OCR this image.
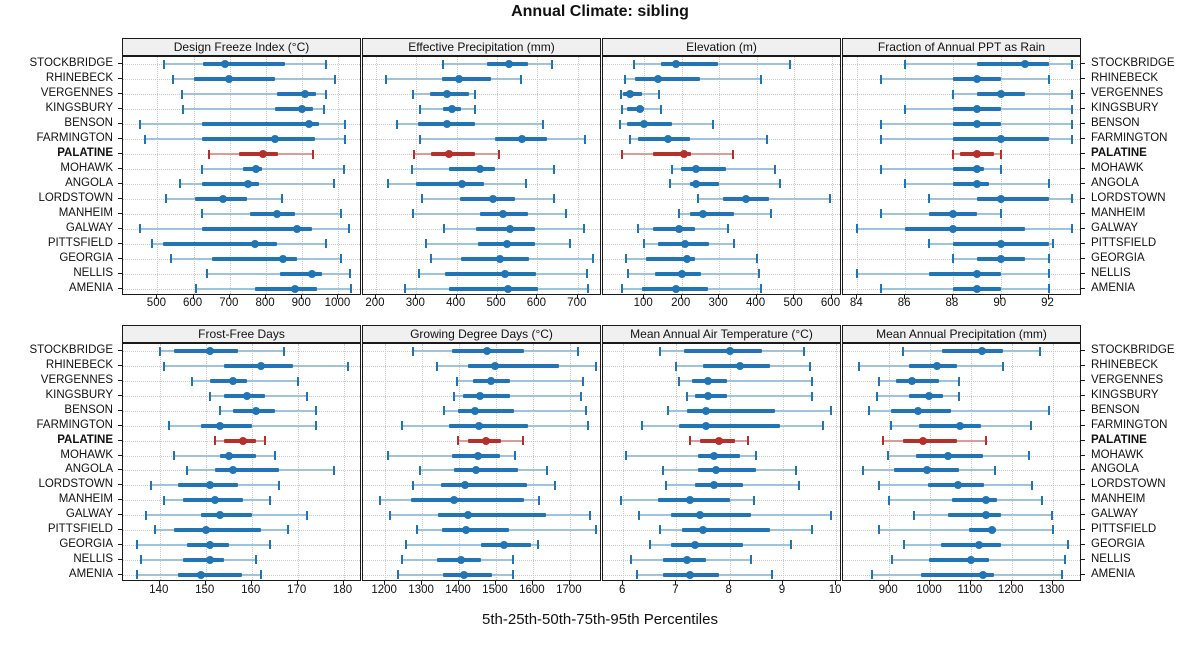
Annual Climate: sibling
STOCKBRIDGE
RHINEBECK
VERGENNES
KINGSBURY
BENSON
FARMINGTON
PALATINE
MOHAWK
ANGOLA
LORDSTOWN
MANHEIM
GALWAY
PITTSFIELD
GEORGIA
NELLIS
AMENIA
STOCKBRIDGE
RHINEBECK
VERGENNES
KINGSBURY
BENSON
FARMINGTON
PALATINE
MOHAWK
ANGOLA
LORDSTOWN
MANHEIM
GALWAY
PITTSFIELD
GEORGIA
NELLIS
AMENIA
STOCKBRIDGE
RHINEBECK
VERGENNES
KINGSBURY
BENSON
FARMINGTON
PALATINE
MOHAWK
ANGOLA
LORDSTOWN
MANHEIM
GALWAY
PITTSFIELD
GEORGIA
NELLIS
AMENIA
STOCKBRIDGE
RHINEBECK
VERGENNES
KINGSBURY
BENSON
FARMINGTON
PALATINE
MOHAWK
ANGOLA
LORDSTOWN
MANHEIM
GALWAY
PITTSFIELD
GEORGIA
NELLIS
AMENIA
Design Freeze Index (°C)
500 600 700 800 900 1000
Effective Precipitation (mm)
200 300 400 500 600 700
Elevation (m)
100 200 300 400 500 600
Fraction of Annual PPT as Rain
84	86	88	90	92
Frost-Free Days
140 150 160 170 180
Growing Degree Days (°C)
1200 1300 1400 1500 1600 1700
Mean Annual Air Temperature (°C)
6	7	8	9	10
Mean Annual Precipitation (mm)
900 1000 1100 1200 1300
5th-25th-50th-75th-95th Percentiles
